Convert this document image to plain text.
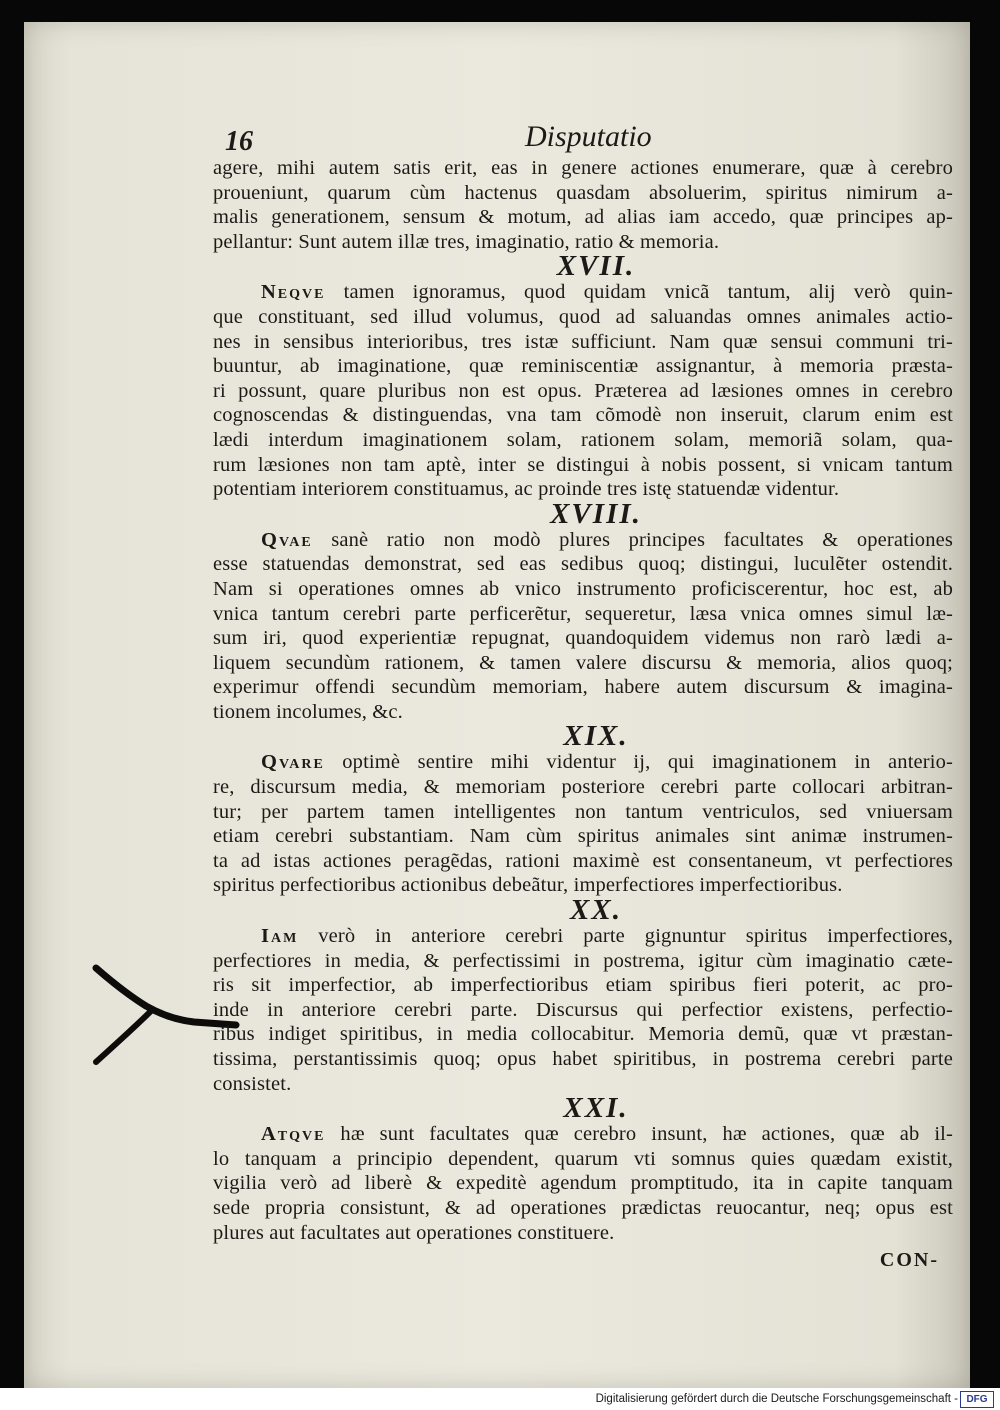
16	Disputatio
agere, mihi autem satis erit, eas in genere actiones enumerare, quæ à cerebro
proueniunt, quarum cùm hactenus quasdam absoluerim, spiritus nimirum a-
malis generationem, sensum & motum, ad alias iam accedo, quæ principes ap-
pellantur: Sunt autem illæ tres, imaginatio, ratio & memoria.
XVII.
Neqve tamen ignoramus, quod quidam vnicã tantum, alij verò quin-
que constituant, sed illud volumus, quod ad saluandas omnes animales actio-
nes in sensibus interioribus, tres istæ sufficiunt. Nam quæ sensui communi tri-
buuntur, ab imaginatione, quæ reminiscentiæ assignantur, à memoria præsta-
ri possunt, quare pluribus non est opus. Præterea ad læsiones omnes in cerebro
cognoscendas & distinguendas, vna tam cõmodè non inseruit, clarum enim est
lædi interdum imaginationem solam, rationem solam, memoriã solam, qua-
rum læsiones non tam aptè, inter se distingui à nobis possent, si vnicam tantum
potentiam interiorem constituamus, ac proinde tres istę statuendæ videntur.
XVIII.
Qvae sanè ratio non modò plures principes facultates & operationes
esse statuendas demonstrat, sed eas sedibus quoq; distingui, luculẽter ostendit.
Nam si operationes omnes ab vnico instrumento proficiscerentur, hoc est, ab
vnica tantum cerebri parte perficerẽtur, sequeretur, læsa vnica omnes simul læ-
sum iri, quod experientiæ repugnat, quandoquidem videmus non rarò lædi a-
liquem secundùm rationem, & tamen valere discursu & memoria, alios quoq;
experimur offendi secundùm memoriam, habere autem discursum & imagina-
tionem incolumes, &c.
XIX.
Qvare optimè sentire mihi videntur ij, qui imaginationem in anterio-
re, discursum media, & memoriam posteriore cerebri parte collocari arbitran-
tur; per partem tamen intelligentes non tantum ventriculos, sed vniuersam
etiam cerebri substantiam. Nam cùm spiritus animales sint animæ instrumen-
ta ad istas actiones peragẽdas, rationi maximè est consentaneum, vt perfectiores
spiritus perfectioribus actionibus debeãtur, imperfectiores imperfectioribus.
XX.
Iam verò in anteriore cerebri parte gignuntur spiritus imperfectiores,
perfectiores in media, & perfectissimi in postrema, igitur cùm imaginatio cæte-
ris sit imperfectior, ab imperfectioribus etiam spiribus fieri poterit, ac pro-
inde in anteriore cerebri parte. Discursus qui perfectior existens, perfectio-
ribus indiget spiritibus, in media collocabitur. Memoria demũ, quæ vt præstan-
tissima, perstantissimis quoq; opus habet spiritibus, in postrema cerebri parte
consistet.
XXI.
Atqve hæ sunt facultates quæ cerebro insunt, hæ actiones, quæ ab il-
lo tanquam a principio dependent, quarum vti somnus quies quædam existit,
vigilia verò ad liberè & expeditè agendum promptitudo, ita in capite tanquam
sede propria consistunt, & ad operationes prædictas reuocantur, neq; opus est
plures aut facultates aut operationes constituere.
CON-
Digitalisierung gefördert durch die Deutsche Forschungsgemeinschaft - DFG
